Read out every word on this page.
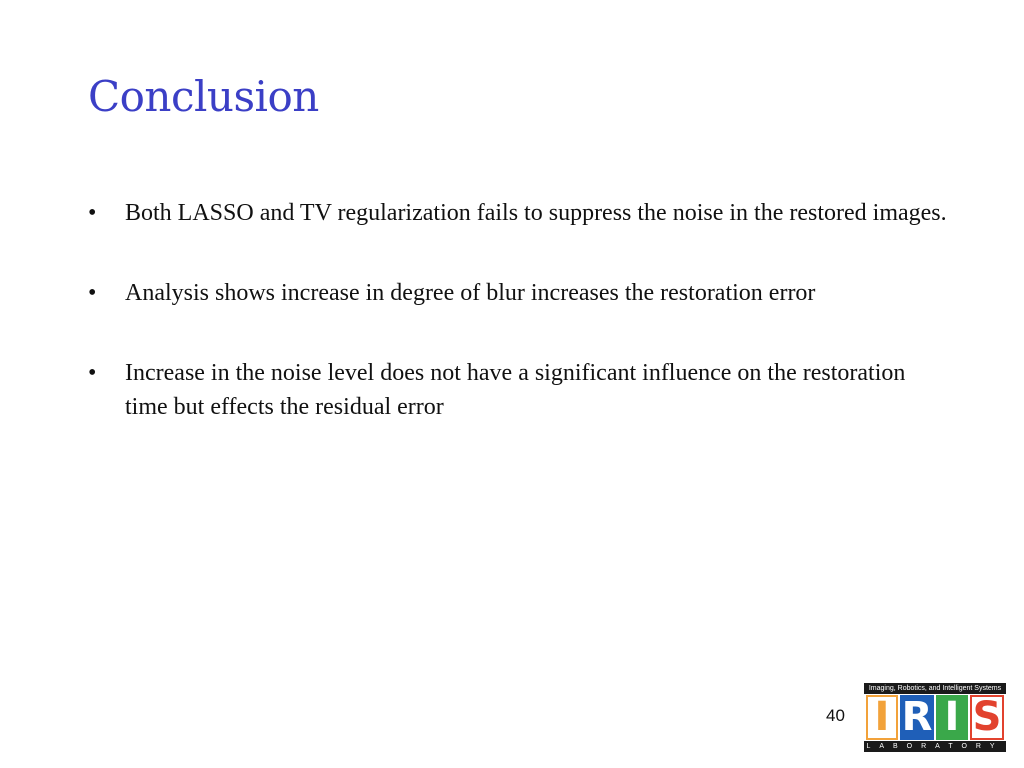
Conclusion
•	Both LASSO and TV regularization fails to suppress the noise in the restored images.
•	Analysis shows increase in degree of blur increases the restoration error
•	Increase in the noise level does not have a significant influence on the restoration time but effects the residual error
40
Imaging, Robotics, and Intelligent Systems
I R I S
LABORATORY
